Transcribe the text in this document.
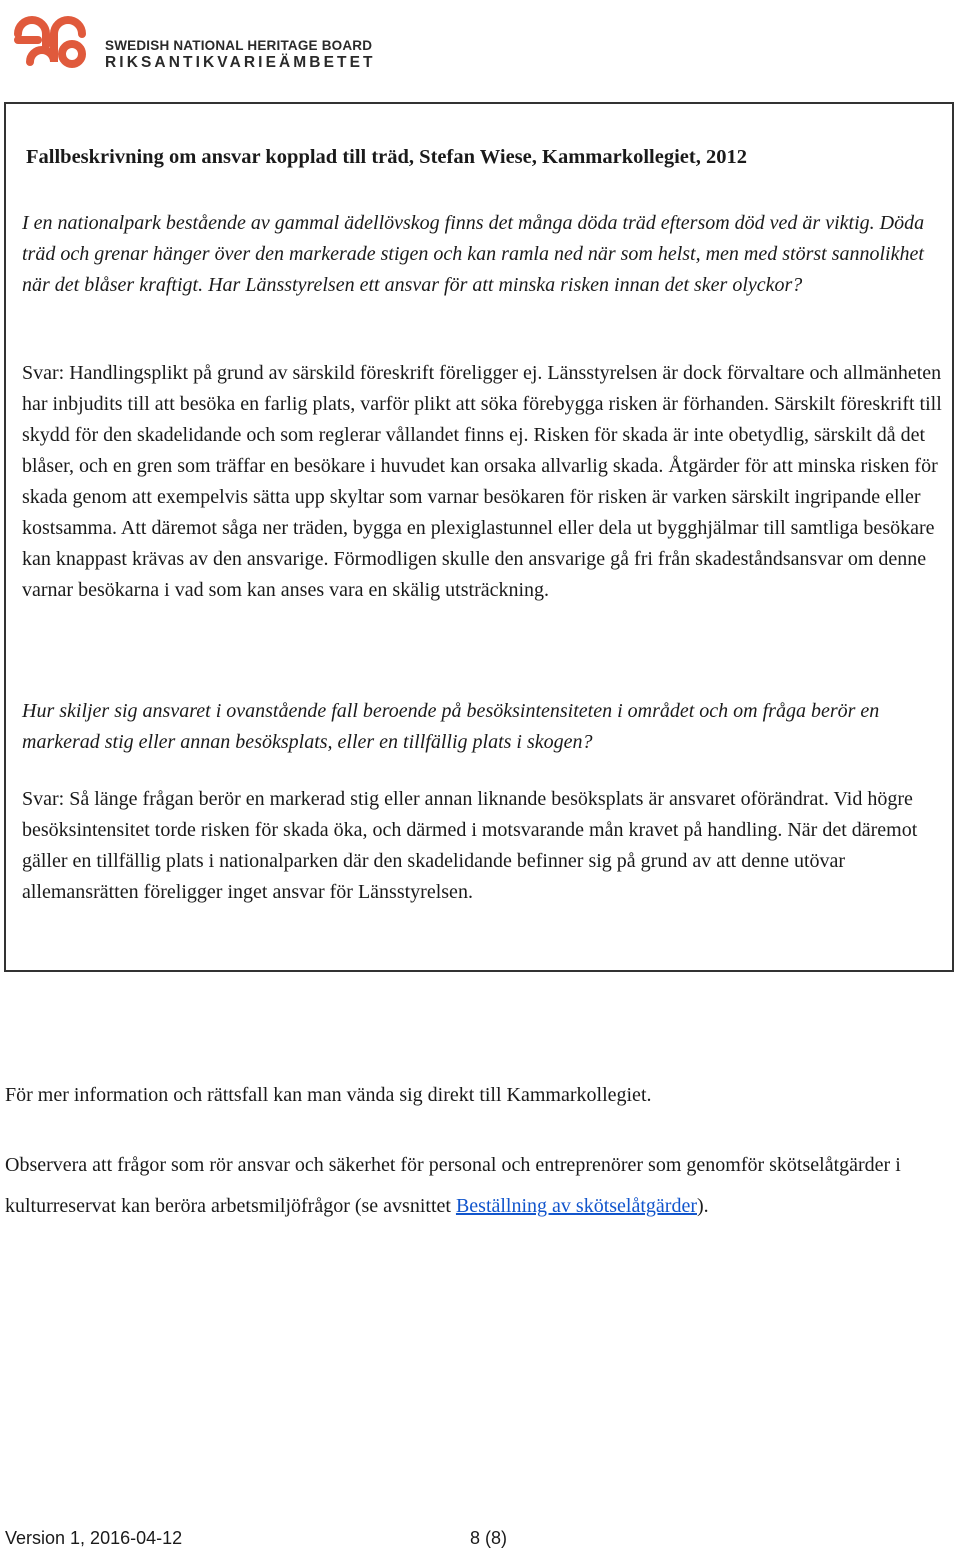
SWEDISH NATIONAL HERITAGE BOARD
RIKSANTIKVARIEÄMBETET
Fallbeskrivning om ansvar kopplad till träd, Stefan Wiese, Kammarkollegiet, 2012

I en nationalpark bestående av gammal ädellövskog finns det många döda träd eftersom död ved är viktig. Döda träd och grenar hänger över den markerade stigen och kan ramla ned när som helst, men med störst sannolikhet när det blåser kraftigt. Har Länsstyrelsen ett ansvar för att minska risken innan det sker olyckor?

Svar: Handlingsplikt på grund av särskild föreskrift föreligger ej. Länsstyrelsen är dock förvaltare och allmänheten har inbjudits till att besöka en farlig plats, varför plikt att söka förebygga risken är förhanden. Särskilt föreskrift till skydd för den skadelidande och som reglerar vållandet finns ej. Risken för skada är inte obetydlig, särskilt då det blåser, och en gren som träffar en besökare i huvudet kan orsaka allvarlig skada. Åtgärder för att minska risken för skada genom att exempelvis sätta upp skyltar som varnar besökaren för risken är varken särskilt ingripande eller kostsamma. Att däremot såga ner träden, bygga en plexiglastunnel eller dela ut bygghjälmar till samtliga besökare kan knappast krävas av den ansvarige. Förmodligen skulle den ansvarige gå fri från skadeståndsansvar om denne varnar besökarna i vad som kan anses vara en skälig utsträckning.

Hur skiljer sig ansvaret i ovanstående fall beroende på besöksintensiteten i området och om fråga berör en markerad stig eller annan besöksplats, eller en tillfällig plats i skogen?

Svar: Så länge frågan berör en markerad stig eller annan liknande besöksplats är ansvaret oförändrat. Vid högre besöksintensitet torde risken för skada öka, och därmed i motsvarande mån kravet på handling. När det däremot gäller en tillfällig plats i nationalparken där den skadelidande befinner sig på grund av att denne utövar allemansrätten föreligger inget ansvar för Länsstyrelsen.

För mer information och rättsfall kan man vända sig direkt till Kammarkollegiet.

Observera att frågor som rör ansvar och säkerhet för personal och entreprenörer som genomför skötselåtgärder i kulturreservat kan beröra arbetsmiljöfrågor (se avsnittet Beställning av skötselåtgärder).

Version 1, 2016-04-12	8 (8)
